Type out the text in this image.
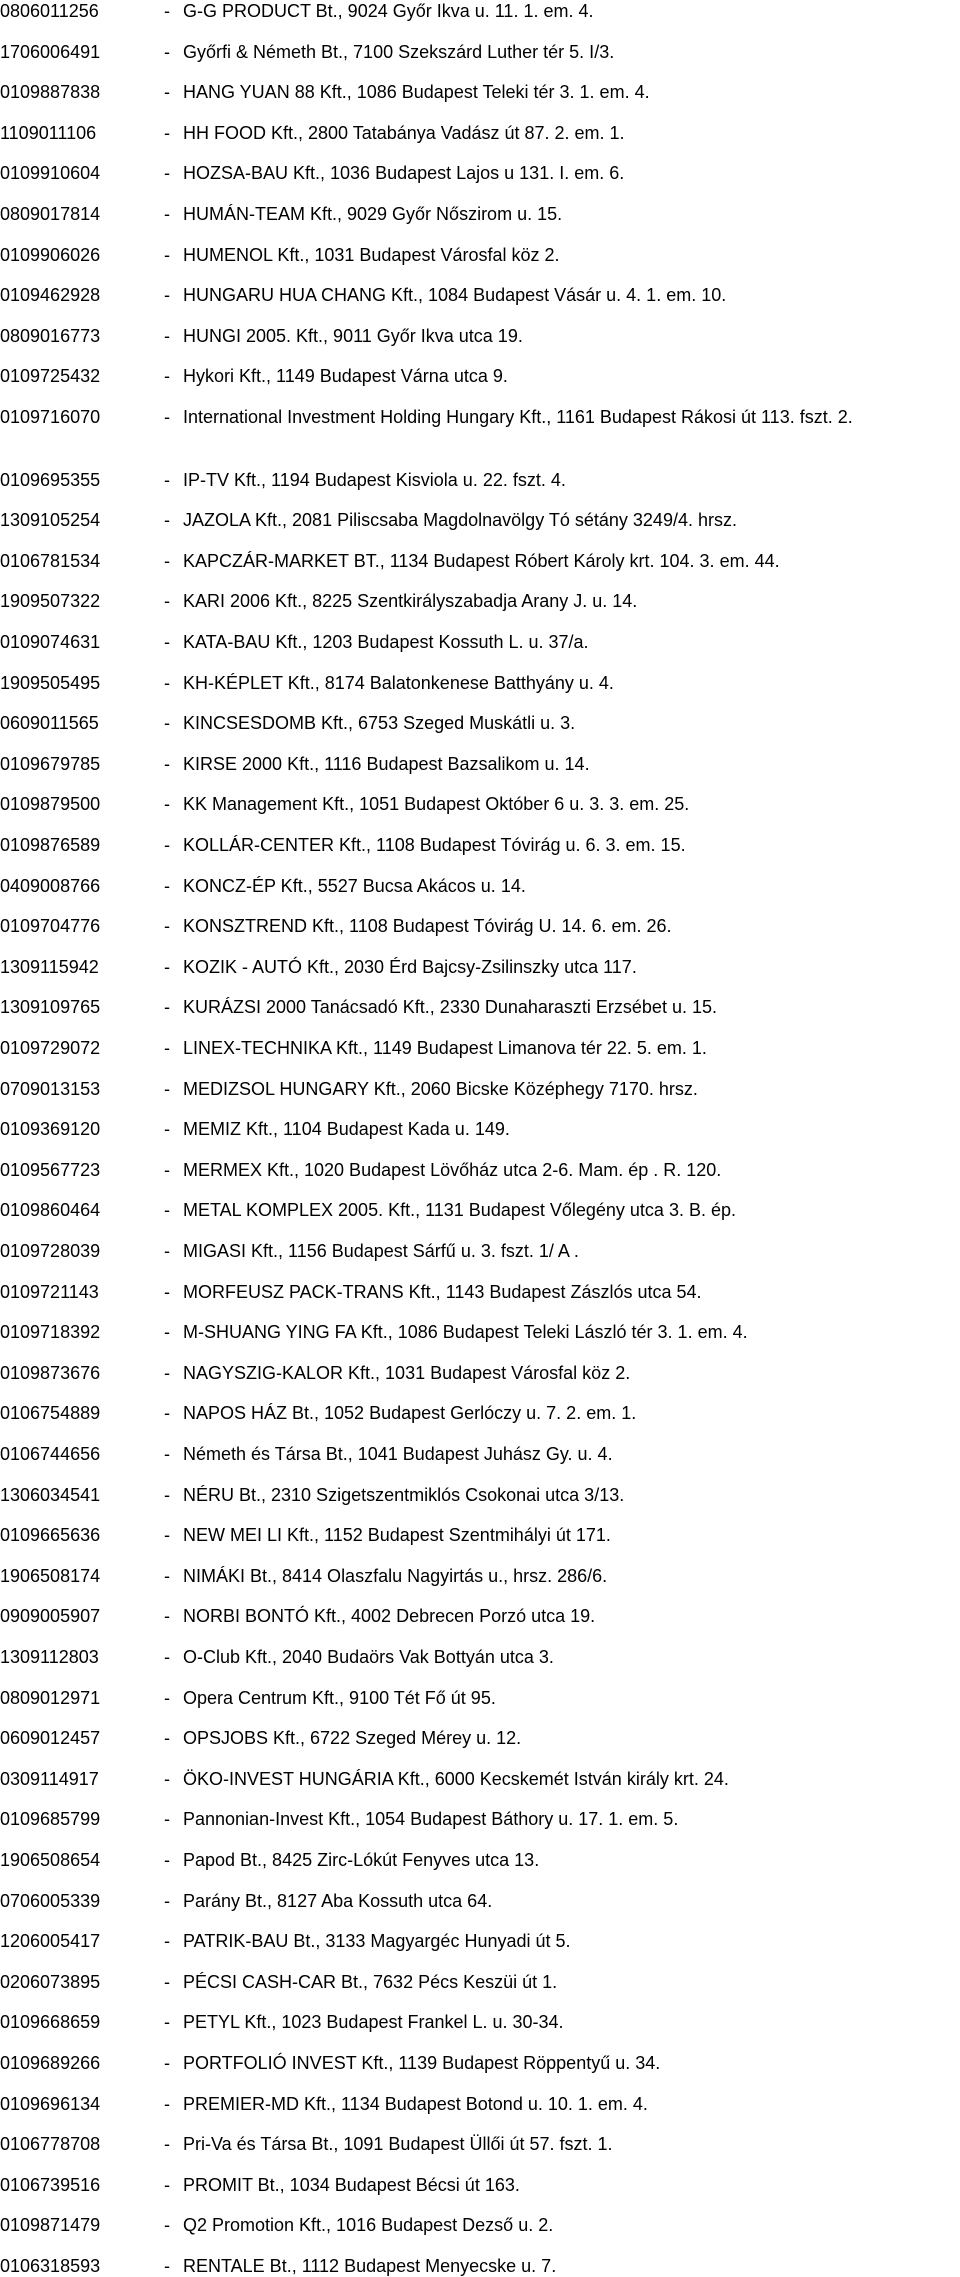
0806011256	- G-G PRODUCT Bt., 9024 Győr Ikva u. 11. 1. em. 4.
1706006491	- Győrfi & Németh Bt., 7100 Szekszárd Luther tér 5. I/3.
0109887838	- HANG YUAN 88 Kft., 1086 Budapest Teleki tér 3. 1. em. 4.
1109011106	- HH FOOD Kft., 2800 Tatabánya Vadász út 87. 2. em. 1.
0109910604	- HOZSA-BAU Kft., 1036 Budapest Lajos u 131. I. em. 6.
0809017814	- HUMÁN-TEAM Kft., 9029 Győr Nőszirom u. 15.
0109906026	- HUMENOL Kft., 1031 Budapest Városfal köz 2.
0109462928	- HUNGARU HUA CHANG Kft., 1084 Budapest Vásár u. 4. 1. em. 10.
0809016773	- HUNGI 2005. Kft., 9011 Győr Ikva utca 19.
0109725432	- Hykori Kft., 1149 Budapest Várna utca 9.
0109716070	- International Investment Holding Hungary Kft., 1161 Budapest Rákosi út 113. fszt. 2.
0109695355	- IP-TV Kft., 1194 Budapest Kisviola u. 22. fszt. 4.
1309105254	- JAZOLA Kft., 2081 Piliscsaba Magdolnavölgy Tó sétány 3249/4. hrsz.
0106781534	- KAPCZÁR-MARKET BT., 1134 Budapest Róbert Károly krt. 104. 3. em. 44.
1909507322	- KARI 2006 Kft., 8225 Szentkirályszabadja Arany J. u. 14.
0109074631	- KATA-BAU Kft., 1203 Budapest Kossuth L. u. 37/a.
1909505495	- KH-KÉPLET Kft., 8174 Balatonkenese Batthyány u. 4.
0609011565	- KINCSESDOMB Kft., 6753 Szeged Muskátli u. 3.
0109679785	- KIRSE 2000 Kft., 1116 Budapest Bazsalikom u. 14.
0109879500	- KK Management Kft., 1051 Budapest Október 6 u. 3. 3. em. 25.
0109876589	- KOLLÁR-CENTER Kft., 1108 Budapest Tóvirág u. 6. 3. em. 15.
0409008766	- KONCZ-ÉP Kft., 5527 Bucsa Akácos u. 14.
0109704776	- KONSZTREND Kft., 1108 Budapest Tóvirág U. 14. 6. em. 26.
1309115942	- KOZIK - AUTÓ Kft., 2030 Érd Bajcsy-Zsilinszky utca 117.
1309109765	- KURÁZSI 2000 Tanácsadó Kft., 2330 Dunaharaszti Erzsébet u. 15.
0109729072	- LINEX-TECHNIKA Kft., 1149 Budapest Limanova tér 22. 5. em. 1.
0709013153	- MEDIZSOL HUNGARY Kft., 2060 Bicske Középhegy 7170. hrsz.
0109369120	- MEMIZ Kft., 1104 Budapest Kada u. 149.
0109567723	- MERMEX Kft., 1020 Budapest Lövőház utca 2-6. Mam. ép . R. 120.
0109860464	- METAL KOMPLEX 2005. Kft., 1131 Budapest Vőlegény utca 3. B. ép.
0109728039	- MIGASI Kft., 1156 Budapest Sárfű u. 3. fszt. 1/ A .
0109721143	- MORFEUSZ PACK-TRANS Kft., 1143 Budapest Zászlós utca 54.
0109718392	- M-SHUANG YING FA Kft., 1086 Budapest Teleki László tér 3. 1. em. 4.
0109873676	- NAGYSZIG-KALOR Kft., 1031 Budapest Városfal köz 2.
0106754889	- NAPOS HÁZ Bt., 1052 Budapest Gerlóczy u. 7. 2. em. 1.
0106744656	- Németh és Társa Bt., 1041 Budapest Juhász Gy. u. 4.
1306034541	- NÉRU Bt., 2310 Szigetszentmiklós Csokonai utca 3/13.
0109665636	- NEW MEI LI Kft., 1152 Budapest Szentmihályi út 171.
1906508174	- NIMÁKI Bt., 8414 Olaszfalu Nagyirtás u., hrsz. 286/6.
0909005907	- NORBI BONTÓ Kft., 4002 Debrecen Porzó utca 19.
1309112803	- O-Club Kft., 2040 Budaörs Vak Bottyán utca 3.
0809012971	- Opera Centrum Kft., 9100 Tét Fő út 95.
0609012457	- OPSJOBS Kft., 6722 Szeged Mérey u. 12.
0309114917	- ÖKO-INVEST HUNGÁRIA Kft., 6000 Kecskemét István király krt. 24.
0109685799	- Pannonian-Invest Kft., 1054 Budapest Báthory u. 17. 1. em. 5.
1906508654	- Papod Bt., 8425 Zirc-Lókút Fenyves utca 13.
0706005339	- Parány Bt., 8127 Aba Kossuth utca 64.
1206005417	- PATRIK-BAU Bt., 3133 Magyargéc Hunyadi út 5.
0206073895	- PÉCSI CASH-CAR Bt., 7632 Pécs Keszüi út 1.
0109668659	- PETYL Kft., 1023 Budapest Frankel L. u. 30-34.
0109689266	- PORTFOLIÓ INVEST Kft., 1139 Budapest Röppentyű u. 34.
0109696134	- PREMIER-MD Kft., 1134 Budapest Botond u. 10. 1. em. 4.
0106778708	- Pri-Va és Társa Bt., 1091 Budapest Üllői út 57. fszt. 1.
0106739516	- PROMIT Bt., 1034 Budapest Bécsi út 163.
0109871479	- Q2 Promotion Kft., 1016 Budapest Dezső u. 2.
0106318593	- RENTALE Bt., 1112 Budapest Menyecske u. 7.
